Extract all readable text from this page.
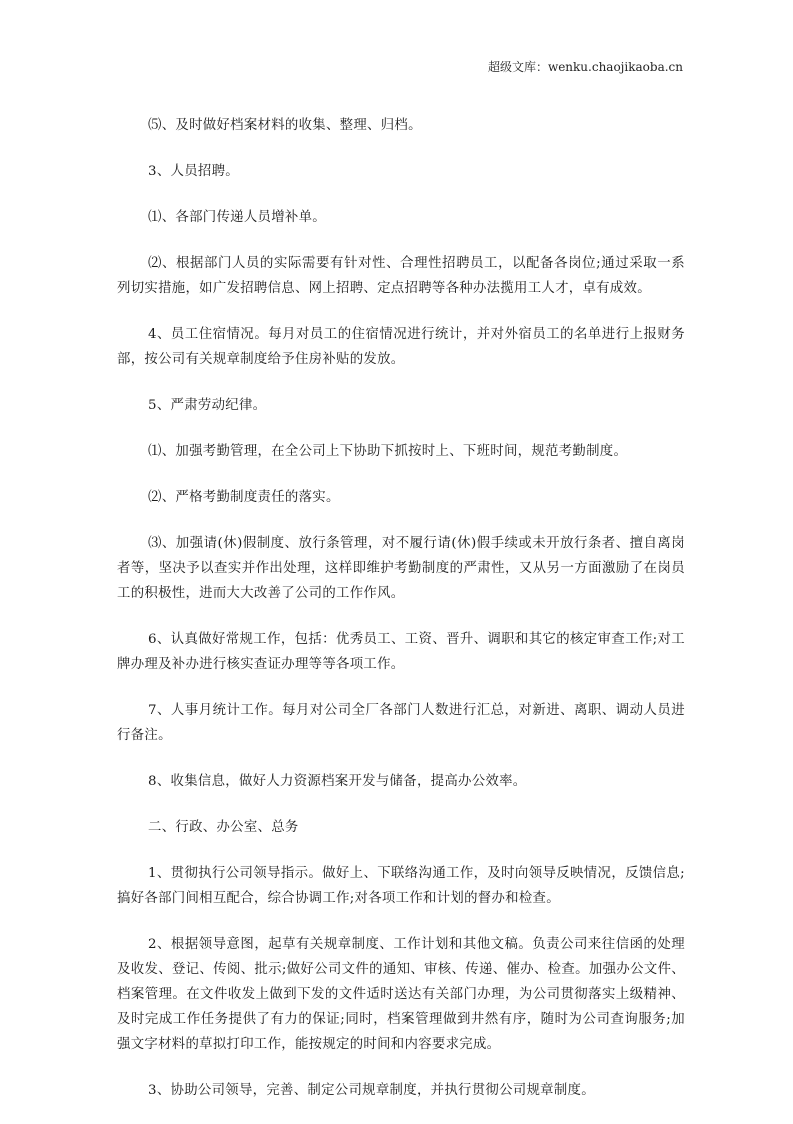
超级文库：wenku.chaojikaoba.cn

⑸、及时做好档案材料的收集、整理、归档。

3、人员招聘。

⑴、各部门传递人员增补单。

⑵、根据部门人员的实际需要有针对性、合理性招聘员工，以配备各岗位;通过采取一系列切实措施，如广发招聘信息、网上招聘、定点招聘等各种办法揽用工人才，卓有成效。

4、员工住宿情况。每月对员工的住宿情况进行统计，并对外宿员工的名单进行上报财务部，按公司有关规章制度给予住房补贴的发放。

5、严肃劳动纪律。

⑴、加强考勤管理，在全公司上下协助下抓按时上、下班时间，规范考勤制度。

⑵、严格考勤制度责任的落实。

⑶、加强请(休)假制度、放行条管理，对不履行请(休)假手续或未开放行条者、擅自离岗者等，坚决予以查实并作出处理，这样即维护考勤制度的严肃性，又从另一方面激励了在岗员工的积极性，进而大大改善了公司的工作作风。

6、认真做好常规工作，包括：优秀员工、工资、晋升、调职和其它的核定审查工作;对工牌办理及补办进行核实查证办理等等各项工作。

7、人事月统计工作。每月对公司全厂各部门人数进行汇总，对新进、离职、调动人员进行备注。

8、收集信息，做好人力资源档案开发与储备，提高办公效率。

二、行政、办公室、总务

1、贯彻执行公司领导指示。做好上、下联络沟通工作，及时向领导反映情况，反馈信息;搞好各部门间相互配合，综合协调工作;对各项工作和计划的督办和检查。

2、根据领导意图，起草有关规章制度、工作计划和其他文稿。负责公司来往信函的处理及收发、登记、传阅、批示;做好公司文件的通知、审核、传递、催办、检查。加强办公文件、档案管理。在文件收发上做到下发的文件适时送达有关部门办理，为公司贯彻落实上级精神、及时完成工作任务提供了有力的保证;同时，档案管理做到井然有序，随时为公司查询服务;加强文字材料的草拟打印工作，能按规定的时间和内容要求完成。

3、协助公司领导，完善、制定公司规章制度，并执行贯彻公司规章制度。
